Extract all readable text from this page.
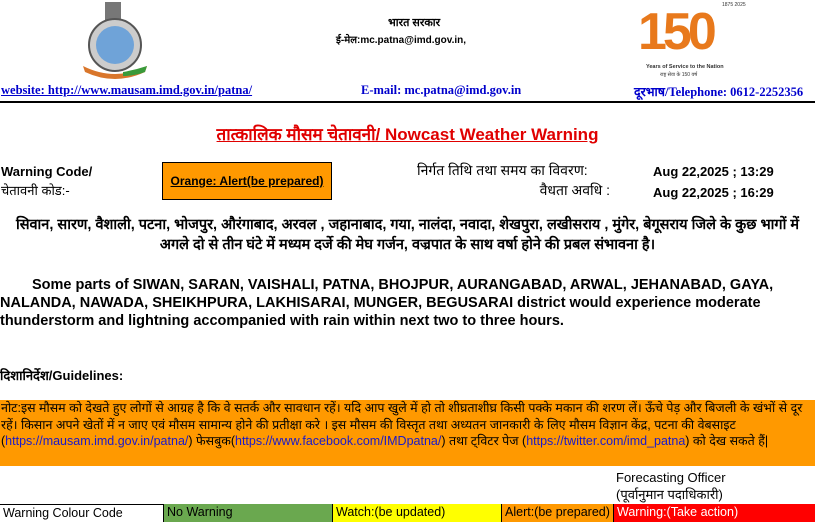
भारत सरकार
ई-मेल:mc.patna@imd.gov.in,	150 1875 2025
Years of Service to the Nation
राष्ट्र सेवा के 150 वर्ष
website: http://www.mausam.imd.gov.in/patna/	E-mail: mc.patna@imd.gov.in	दूरभाष/Telephone: 0612-2252356
तात्कालिक मौसम चेतावनी/ Nowcast Weather Warning
Warning Code/
चेतावनी कोड:-
Orange: Alert(be prepared)
निर्गत तिथि तथा समय का विवरण:	Aug 22,2025 ; 13:29
वैधता अवधि :	Aug 22,2025 ; 16:29
सिवान, सारण, वैशाली, पटना, भोजपुर, औरंगाबाद, अरवल , जहानाबाद, गया, नालंदा, नवादा, शेखपुरा, लखीसराय , मुंगेर, बेगूसराय जिले के कुछ भागों में अगले दो से तीन घंटे में मध्यम दर्जे की मेघ गर्जन, वज्रपात के साथ वर्षा होने की प्रबल संभावना है।
Some parts of SIWAN, SARAN, VAISHALI, PATNA, BHOJPUR, AURANGABAD, ARWAL, JEHANABAD, GAYA, NALANDA, NAWADA, SHEIKHPURA, LAKHISARAI, MUNGER, BEGUSARAI district would experience moderate thunderstorm and lightning accompanied with rain within next two to three hours.
दिशानिर्देश/Guidelines:
नोट:इस मौसम को देखते हुए लोगों से आग्रह है कि वे सतर्क और सावधान रहें। यदि आप खुले में हो तो शीघ्रताशीघ्र किसी पक्के मकान की शरण लें। ऊँचे पेड़ और बिजली के खंभों से दूर रहें। किसान अपने खेतों में न जाए एवं मौसम सामान्य होने की प्रतीक्षा करे । इस मौसम की विस्तृत तथा अध्यतन जानकारी के लिए मौसम विज्ञान केंद्र, पटना की वेबसाइट (https://mausam.imd.gov.in/patna/) फेसबुक(https://www.facebook.com/IMDpatna/) तथा ट्विटर पेज (https://twitter.com/imd_patna) को देख सकते हैं|
Forecasting Officer
(पूर्वानुमान पदाधिकारी)
Warning Colour Code	No Warning	Watch:(be updated)	Alert:(be prepared) Warning:(Take action)
